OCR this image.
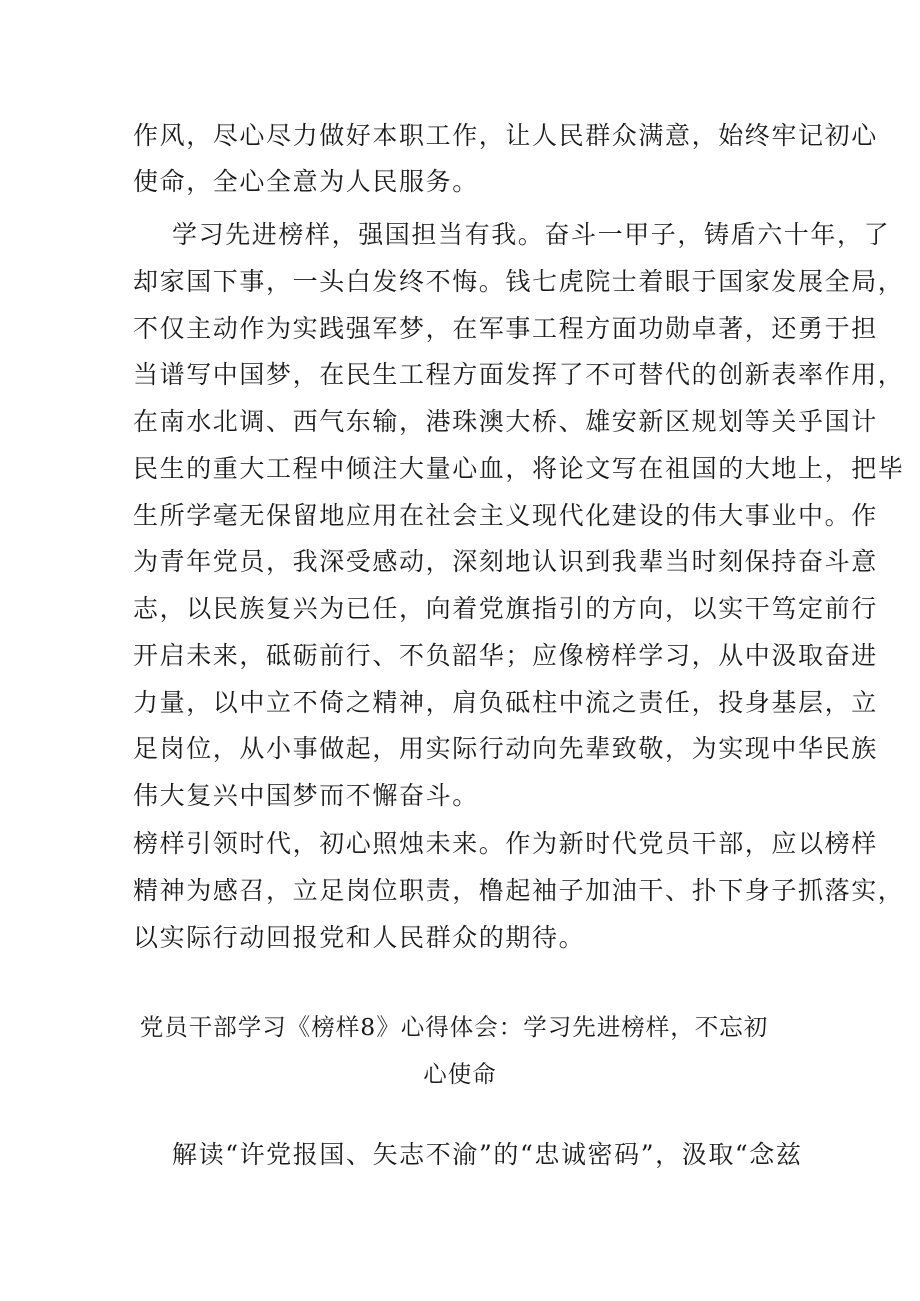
作风，尽心尽力做好本职工作，让人民群众满意，始终牢记初心
使命，全心全意为人民服务。
学习先进榜样，强国担当有我。奋斗一甲子，铸盾六十年，了
却家国下事，一头白发终不悔。钱七虎院士着眼于国家发展全局，
不仅主动作为实践强军梦，在军事工程方面功勋卓著，还勇于担
当谱写中国梦，在民生工程方面发挥了不可替代的创新表率作用，
在南水北调、西气东输，港珠澳大桥、雄安新区规划等关乎国计
民生的重大工程中倾注大量心血，将论文写在祖国的大地上，把毕
生所学毫无保留地应用在社会主义现代化建设的伟大事业中。作
为青年党员，我深受感动，深刻地认识到我辈当时刻保持奋斗意
志，以民族复兴为已任，向着党旗指引的方向，以实干笃定前行
开启未来，砥砺前行、不负韶华；应像榜样学习，从中汲取奋进
力量，以中立不倚之精神，肩负砥柱中流之责任，投身基层，立
足岗位，从小事做起，用实际行动向先辈致敬，为实现中华民族
伟大复兴中国梦而不懈奋斗。
榜样引领时代，初心照烛未来。作为新时代党员干部，应以榜样
精神为感召，立足岗位职责，橹起袖子加油干、扑下身子抓落实，
以实际行动回报党和人民群众的期待。
党员干部学习《榜样8》心得体会：学习先进榜样，不忘初
心使命
解读“许党报国、矢志不渝”的“忠诚密码”，汲取“念兹
